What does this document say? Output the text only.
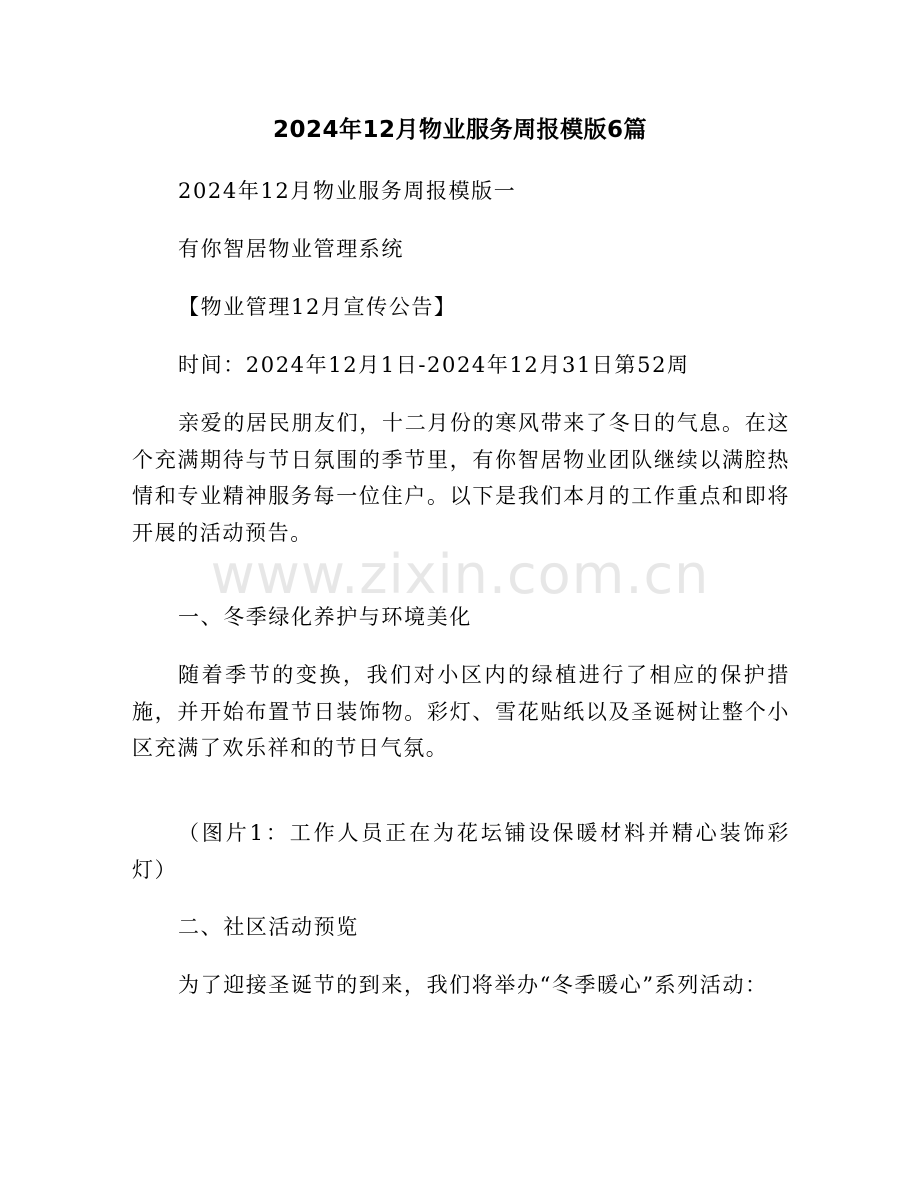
2024年12月物业服务周报模版6篇

2024年12月物业服务周报模版一

有你智居物业管理系统

【物业管理12月宣传公告】

时间：2024年12月1日-2024年12月31日第52周

亲爱的居民朋友们，十二月份的寒风带来了冬日的气息。在这个充满期待与节日氛围的季节里，有你智居物业团队继续以满腔热情和专业精神服务每一位住户。以下是我们本月的工作重点和即将开展的活动预告。

一、冬季绿化养护与环境美化

随着季节的变换，我们对小区内的绿植进行了相应的保护措施，并开始布置节日装饰物。彩灯、雪花贴纸以及圣诞树让整个小区充满了欢乐祥和的节日气氛。

（图片1：工作人员正在为花坛铺设保暖材料并精心装饰彩灯）

二、社区活动预览

为了迎接圣诞节的到来，我们将举办“冬季暖心”系列活动：

www.zixin.com.cn
